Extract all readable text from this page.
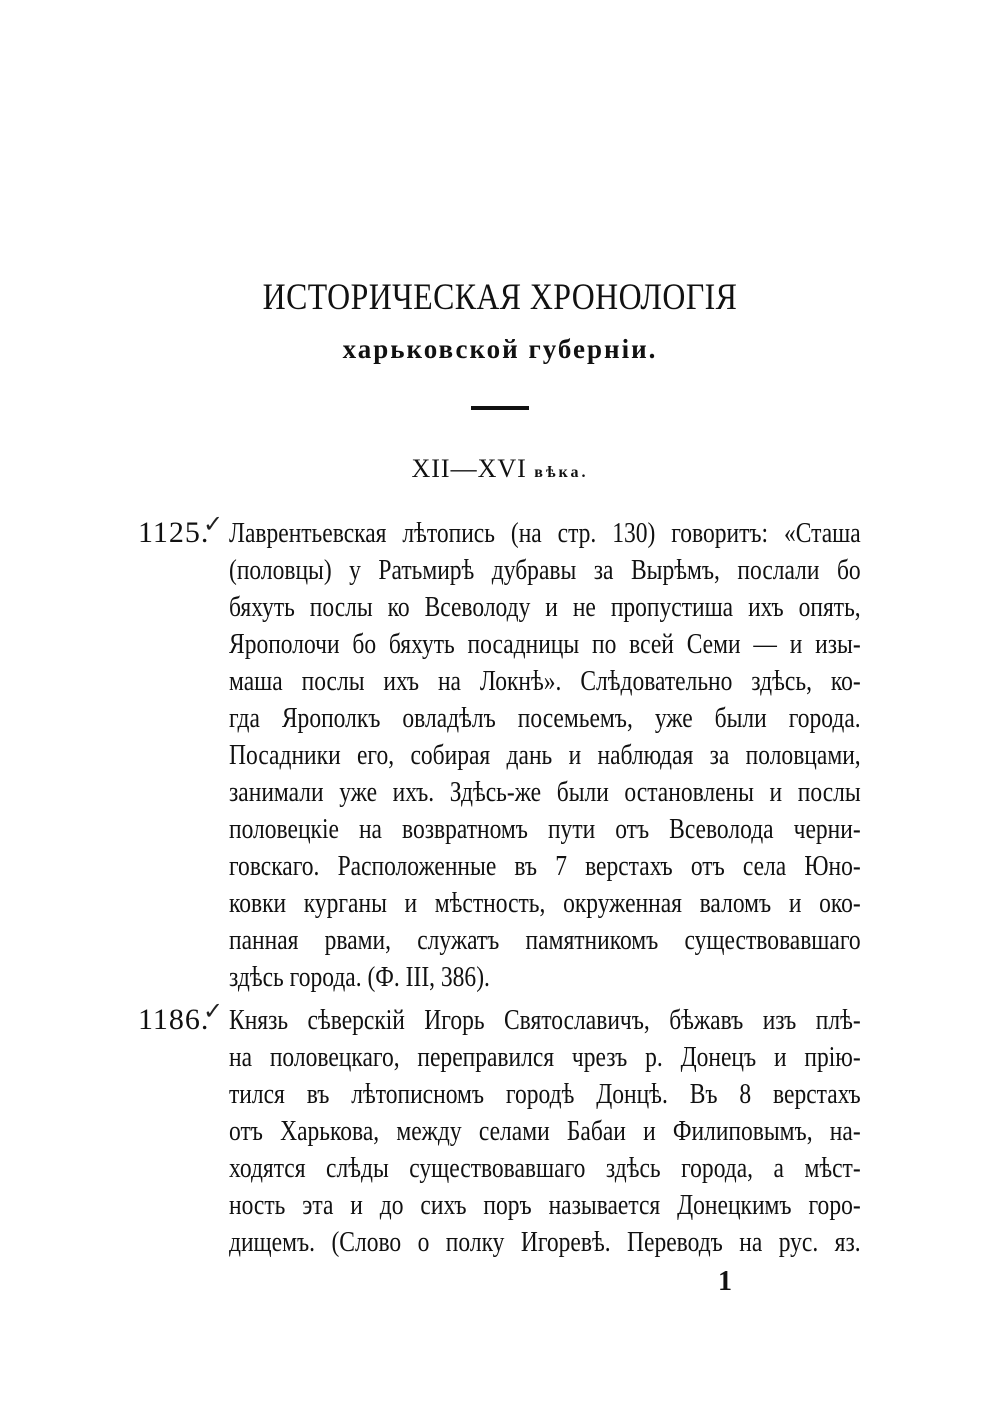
ИСТОРИЧЕСКАЯ ХРОНОЛОГІЯ
харьковской губерніи.
XII—XVI вѣка.
1125.
✓ Лаврентьевская лѣтопись (на стр. 130) говоритъ: «Сташа
(половцы) у Ратьмирѣ дубравы за Вырѣмъ, послали бо
бяхуть послы ко Всеволоду и не пропустиша ихъ опять,
Ярополочи бо бяхуть посадницы по всей Семи — и изы-
маша послы ихъ на Локнѣ». Слѣдовательно здѣсь, ко-
гда Ярополкъ овладѣлъ посемьемъ, уже были города.
Посадники его, собирая дань и наблюдая за половцами,
занимали уже ихъ. Здѣсь-же были остановлены и послы
половецкіе на возвратномъ пути отъ Всеволода черни-
говскаго. Расположенные въ 7 верстахъ отъ села Юно-
ковки курганы и мѣстность, окруженная валомъ и око-
панная рвами, служатъ памятникомъ существовавшаго
здѣсь города. (Ф. III, 386).
1186.
✓ Князь сѣверскій Игорь Святославичъ, бѣжавъ изъ плѣ-
на половецкаго, переправился чрезъ р. Донецъ и прію-
тился въ лѣтописномъ городѣ Донцѣ. Въ 8 верстахъ
отъ Харькова, между селами Бабаи и Филиповымъ, на-
ходятся слѣды существовавшаго здѣсь города, а мѣст-
ность эта и до сихъ поръ называется Донецкимъ горо-
дищемъ. (Слово о полку Игоревѣ. Переводъ на рус. яз.
1
